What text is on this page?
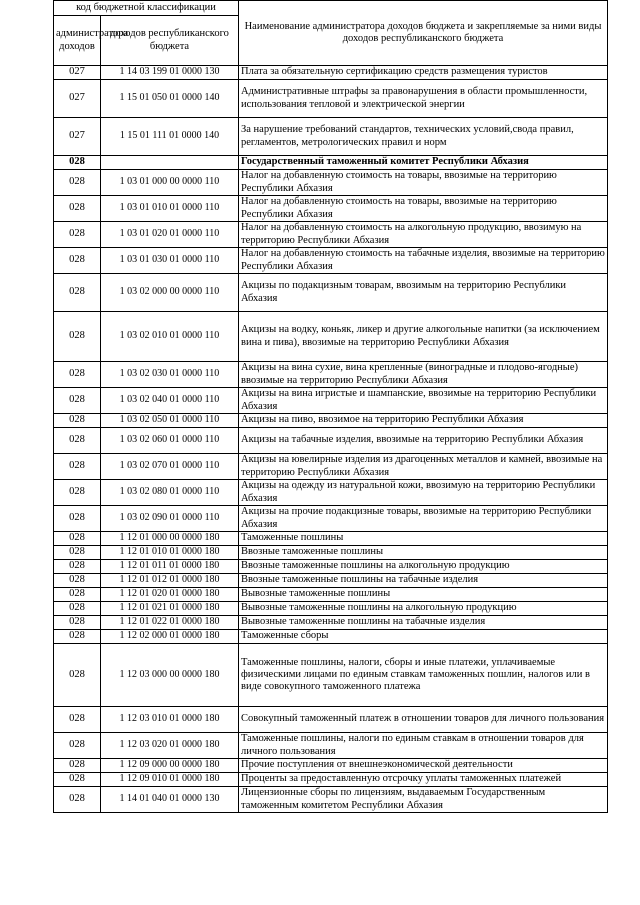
код бюджетной классификации		Наименование администратора доходов бюджета и закрепляемые за ними виды доходов республиканского бюджета
администратора доходов	доходов республиканского бюджета	
027	1 14 03 199 01 0000 130	Плата за обязательную сертификацию средств размещения туристов
027	1 15 01 050 01 0000 140	Административные штрафы за правонарушения в области промышленности, использования тепловой и электрической энергии
027	1 15 01 111 01 0000 140	За нарушение требований стандартов, технических условий,свода правил, регламентов, метрологических правил и норм
028		Государственный таможенный комитет Республики Абхазия
028	1 03 01 000 00 0000 110	Налог на добавленную стоимость на товары, ввозимые на территорию Республики Абхазия
028	1 03 01 010 01 0000 110	Налог на добавленную стоимость на товары, ввозимые на территорию Республики Абхазия
028	1 03 01 020 01 0000 110	Налог на добавленную стоимость на алкогольную продукцию, ввозимую на территорию Республики Абхазия
028	1 03 01 030 01 0000 110	Налог на добавленную стоимость на табачные изделия, ввозимые на территорию Республики Абхазия
028	1 03 02 000 00 0000 110	Акцизы по подакцизным товарам, ввозимым на территорию Республики Абхазия
028	1 03 02 010 01 0000 110	Акцизы на водку, коньяк, ликер и другие алкогольные напитки (за исключением вина и пива), ввозимые на территорию Республики Абхазия
028	1 03 02 030 01 0000 110	Акцизы на вина сухие, вина крепленные (виноградные и плодово-ягодные) ввозимые на территорию Республики Абхазия
028	1 03 02 040 01 0000 110	Акцизы на вина игристые и шампанские, ввозимые на территорию Республики Абхазия
028	1 03 02 050 01 0000 110	Акцизы на пиво, ввозимое на территорию Республики Абхазия
028	1 03 02 060 01 0000 110	Акцизы на табачные изделия, ввозимые на территорию Республики Абхазия
028	1 03 02 070 01 0000 110	Акцизы на ювелирные изделия из драгоценных металлов и камней, ввозимые на территорию Республики Абхазия
028	1 03 02 080 01 0000 110	Акцизы на одежду из натуральной кожи, ввозимую на территорию Республики Абхазия
028	1 03 02 090 01 0000 110	Акцизы на прочие подакцизные товары, ввозимые на территорию Республики Абхазия
028	1 12 01 000 00 0000 180	Таможенные пошлины
028	1 12 01 010 01 0000 180	Ввозные таможенные пошлины
028	1 12 01 011 01 0000 180	Ввозные таможенные пошлины на алкогольную продукцию
028	1 12 01 012 01 0000 180	Ввозные таможенные пошлины на табачные изделия
028	1 12 01 020 01 0000 180	Вывозные таможенные пошлины
028	1 12 01 021 01 0000 180	Вывозные таможенные пошлины на алкогольную продукцию
028	1 12 01 022 01 0000 180	Вывозные таможенные пошлины на табачные изделия
028	1 12 02 000 01 0000 180	Таможенные сборы
028	1 12 03 000 00 0000 180	Таможенные пошлины, налоги, сборы и иные платежи, уплачиваемые физическими лицами по единым ставкам таможенных пошлин, налогов или в виде совокупного таможенного платежа
028	1 12 03 010 01 0000 180	Совокупный таможенный платеж в отношении товаров для личного пользования
028	1 12 03 020 01 0000 180	Таможенные пошлины, налоги по единым ставкам в отношении товаров для личного пользования
028	1 12 09 000 00 0000 180	Прочие поступления от внешнеэкономической деятельности
028	1 12 09 010 01 0000 180	Проценты за предоставленную отсрочку уплаты таможенных платежей
028	1 14 01 040 01 0000 130	Лицензионные сборы по лицензиям, выдаваемым Государственным таможенным комитетом Республики Абхазия
